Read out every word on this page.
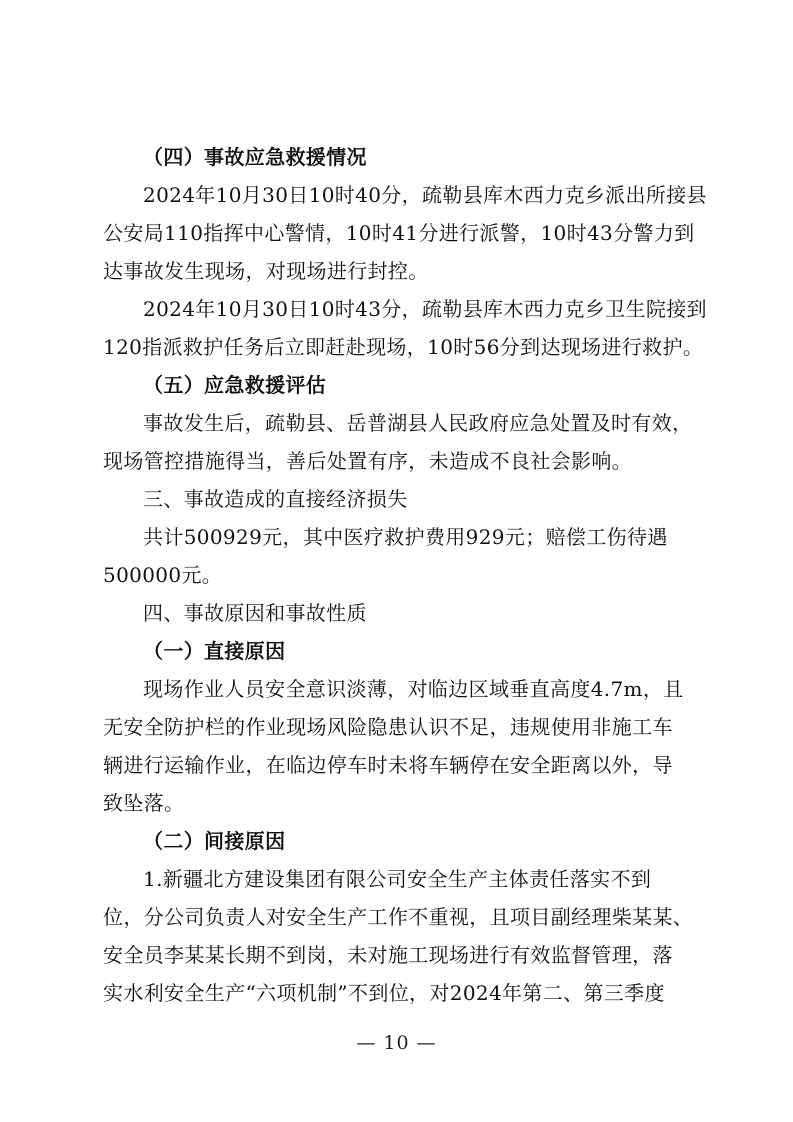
（四）事故应急救援情况
2024年10月30日10时40分，疏勒县库木西力克乡派出所接县
公安局110指挥中心警情，10时41分进行派警，10时43分警力到
达事故发生现场，对现场进行封控。
2024年10月30日10时43分，疏勒县库木西力克乡卫生院接到
120指派救护任务后立即赶赴现场，10时56分到达现场进行救护。
（五）应急救援评估
事故发生后，疏勒县、岳普湖县人民政府应急处置及时有效，
现场管控措施得当，善后处置有序，未造成不良社会影响。
三、事故造成的直接经济损失
共计500929元，其中医疗救护费用929元；赔偿工伤待遇
500000元。
四、事故原因和事故性质
（一）直接原因
现场作业人员安全意识淡薄，对临边区域垂直高度4.7m，且
无安全防护栏的作业现场风险隐患认识不足，违规使用非施工车
辆进行运输作业，在临边停车时未将车辆停在安全距离以外，导
致坠落。
（二）间接原因
1.新疆北方建设集团有限公司安全生产主体责任落实不到
位，分公司负责人对安全生产工作不重视，且项目副经理柴某某、
安全员李某某长期不到岗，未对施工现场进行有效监督管理，落
实水利安全生产“六项机制”不到位，对2024年第二、第三季度
— 10 —
